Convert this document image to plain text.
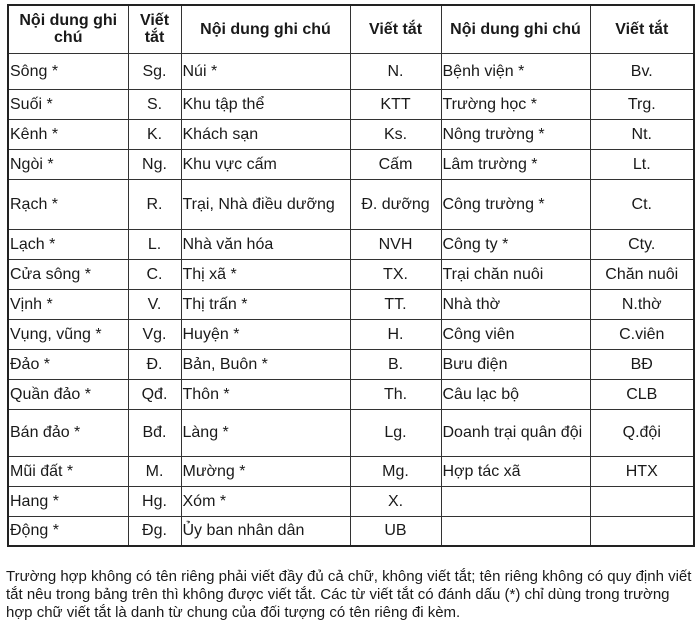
Nội dung ghi chú	Viết tắt	Nội dung ghi chú	Viết tắt	Nội dung ghi chú	Viết tắt
Sông *	Sg.	Núi *	N.	Bệnh viện *	Bv.
Suối *	S.	Khu tập thể	KTT	Trường học *	Trg.
Kênh *	K.	Khách sạn	Ks.	Nông trường *	Nt.
Ngòi *	Ng.	Khu vực cấm	Cấm	Lâm trường *	Lt.
Rạch *	R.	Trại, Nhà điều dưỡng	Đ. dưỡng	Công trường *	Ct.
Lạch *	L.	Nhà văn hóa	NVH	Công ty *	Cty.
Cửa sông *	C.	Thị xã *	TX.	Trại chăn nuôi	Chăn nuôi
Vịnh *	V.	Thị trấn *	TT.	Nhà thờ	N.thờ
Vụng, vũng *	Vg.	Huyện *	H.	Công viên	C.viên
Đảo *	Đ.	Bản, Buôn *	B.	Bưu điện	BĐ
Quần đảo *	Qđ.	Thôn *	Th.	Câu lạc bộ	CLB
Bán đảo *	Bđ.	Làng *	Lg.	Doanh trại quân đội	Q.đội
Mũi đất *	M.	Mường *	Mg.	Hợp tác xã	HTX
Hang *	Hg.	Xóm *	X.		
Động *	Đg.	Ủy ban nhân dân	UB		

Trường hợp không có tên riêng phải viết đầy đủ cả chữ, không viết tắt; tên riêng không có quy định viết tắt nêu trong bảng trên thì không được viết tắt. Các từ viết tắt có đánh dấu (*) chỉ dùng trong trường hợp chữ viết tắt là danh từ chung của đối tượng có tên riêng đi kèm.
